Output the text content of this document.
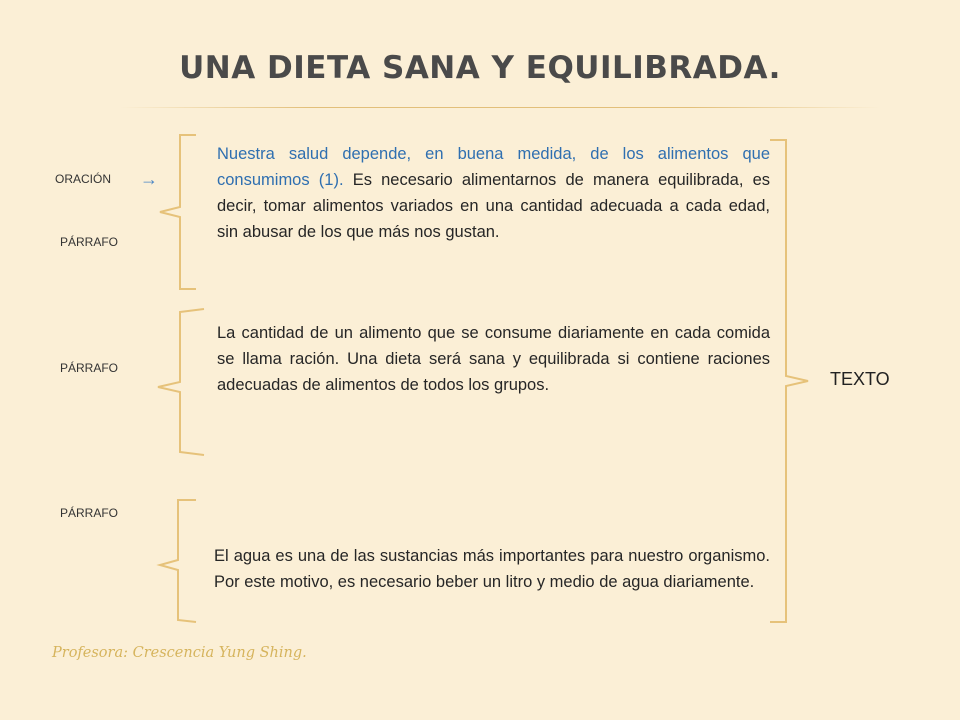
UNA DIETA SANA Y EQUILIBRADA.
ORACIÓN →
PÁRRAFO
PÁRRAFO
PÁRRAFO
Nuestra salud depende, en buena medida, de los alimentos que consumimos (1). Es necesario alimentarnos de manera equilibrada, es decir, tomar alimentos variados en una cantidad adecuada a cada edad, sin abusar de los que más nos gustan.
La cantidad de un alimento que se consume diariamente en cada comida se llama ración. Una dieta será sana y equilibrada si contiene raciones adecuadas de alimentos de todos los grupos.
El agua es una de las sustancias más importantes para nuestro organismo. Por este motivo, es necesario beber un litro y medio de agua diariamente.
TEXTO
Profesora: Crescencia Yung Shing.
